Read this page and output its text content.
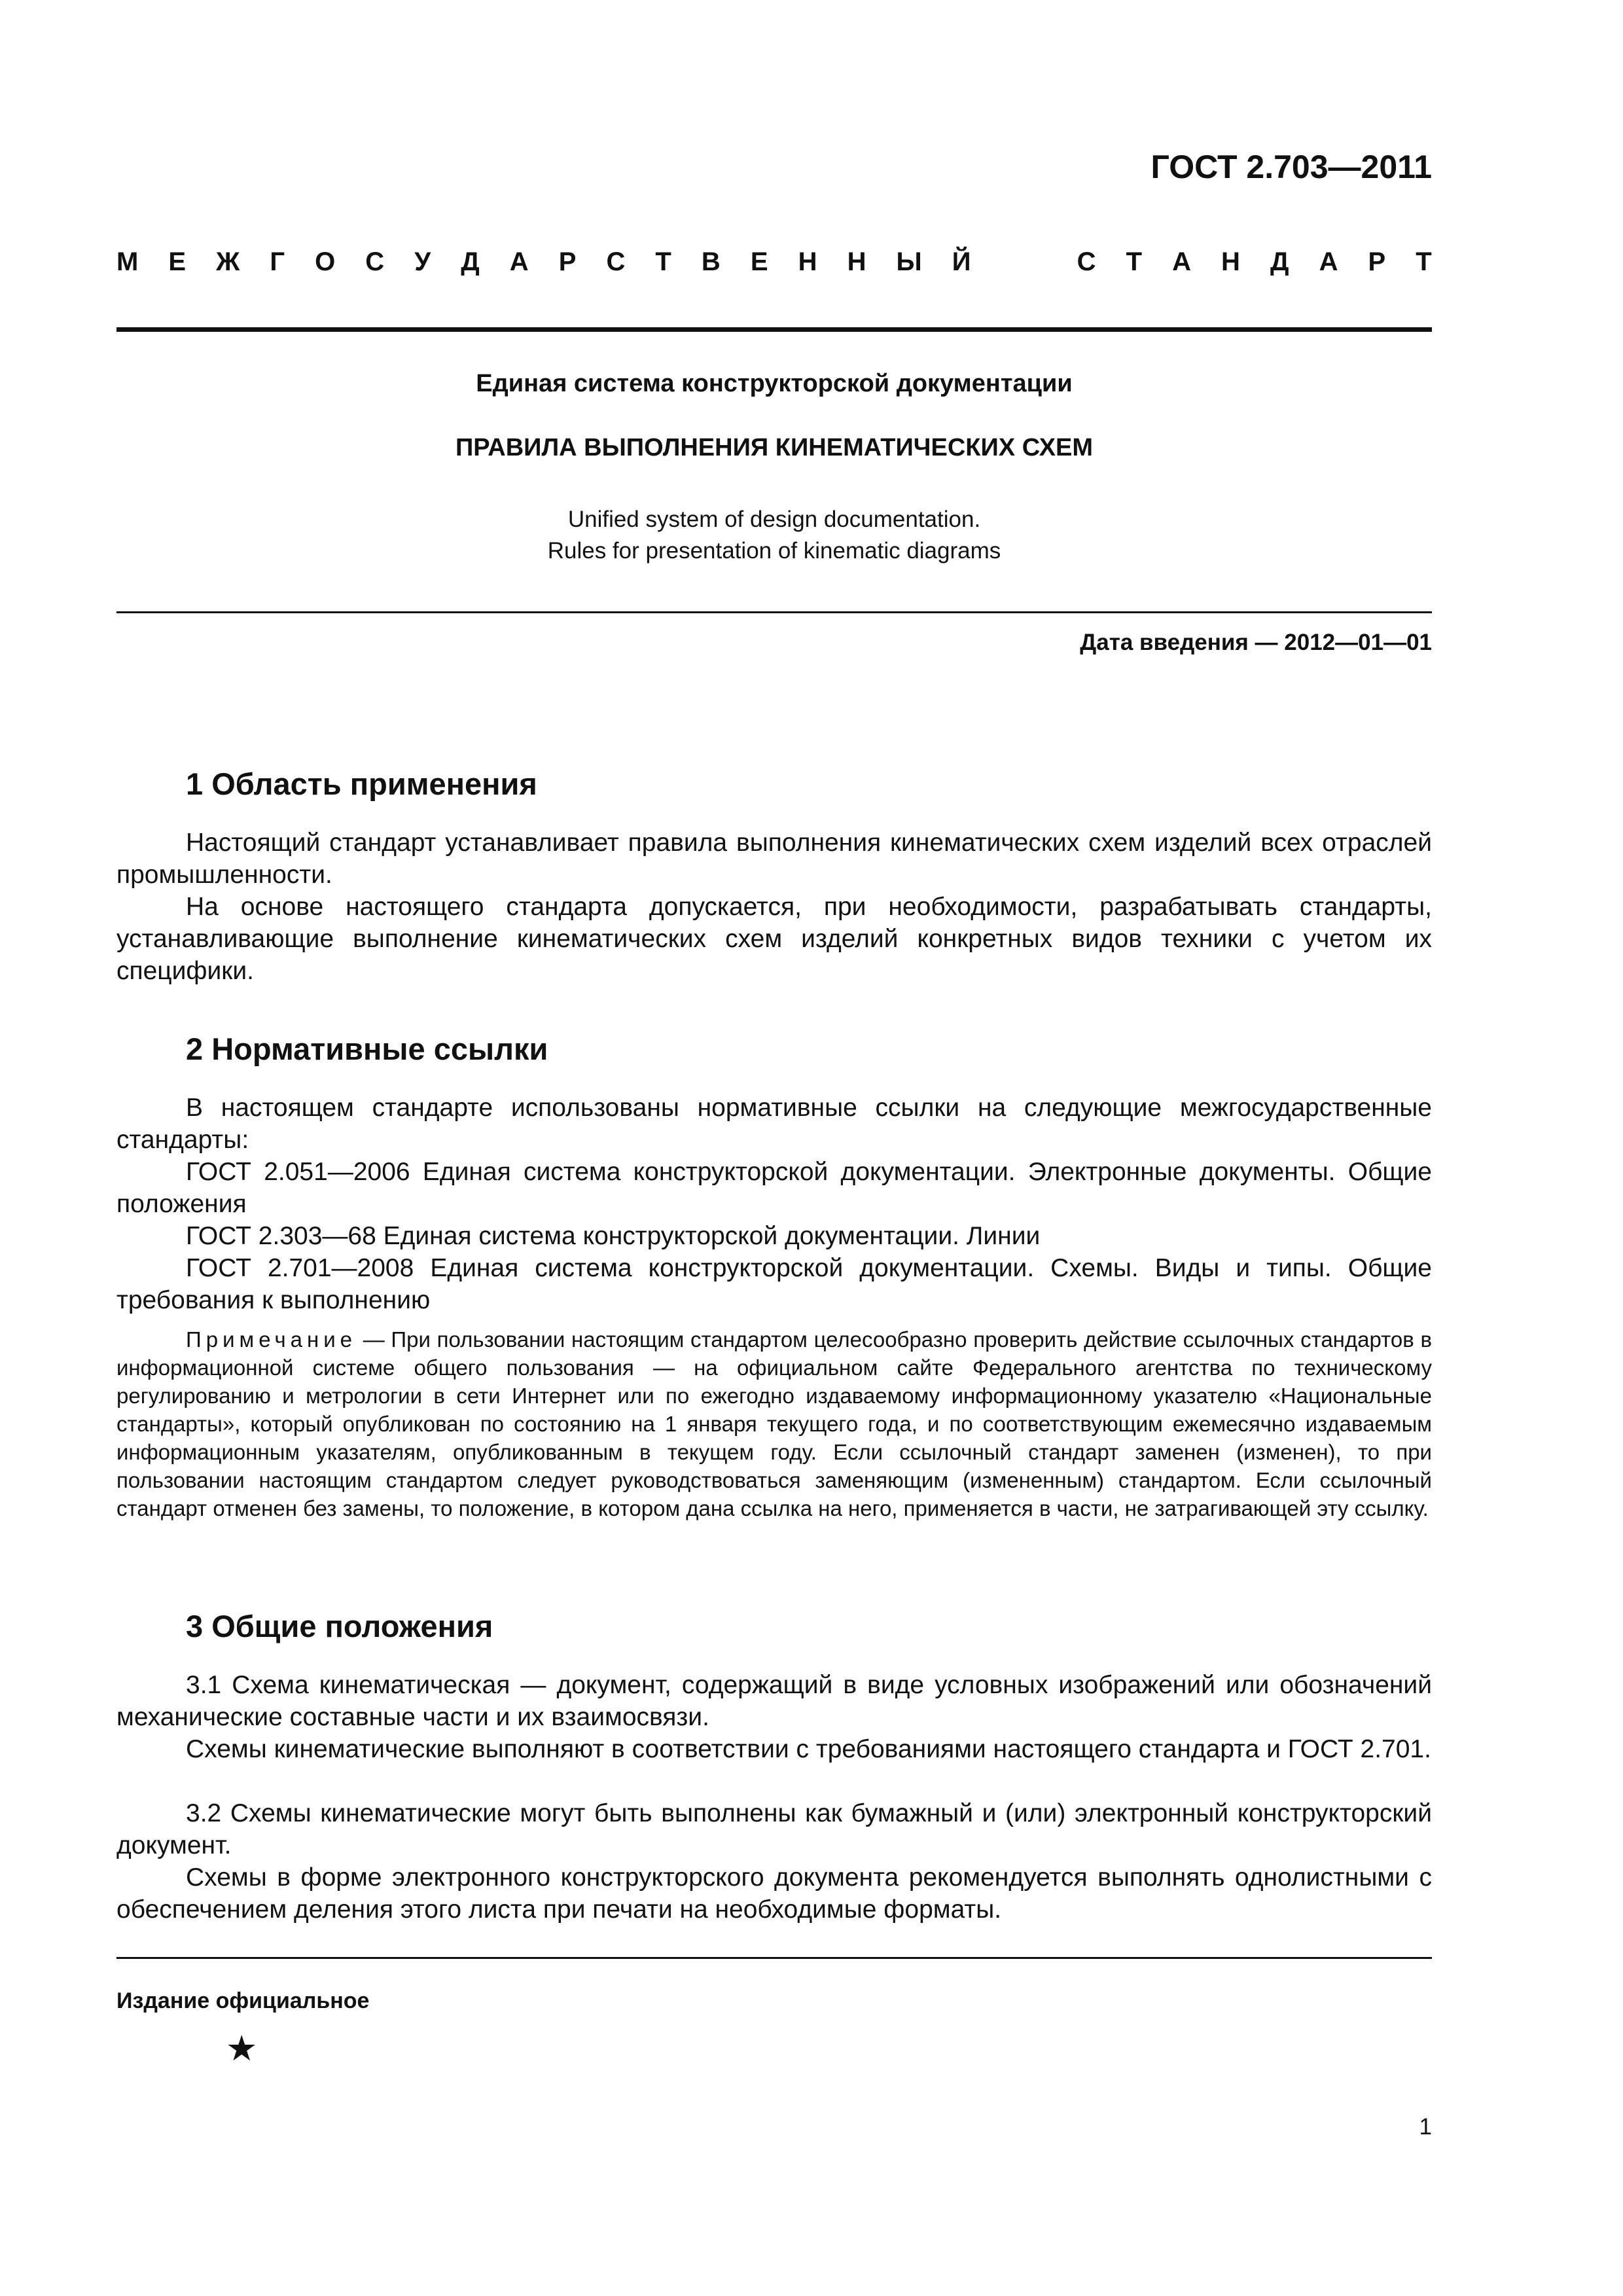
ГОСТ 2.703—2011
М Е Ж Г О С У Д А Р С Т В Е Н Н Ы Й	С Т А Н Д А Р Т
Единая система конструкторской документации
ПРАВИЛА ВЫПОЛНЕНИЯ КИНЕМАТИЧЕСКИХ СХЕМ
Unified system of design documentation.
Rules for presentation of kinematic diagrams
Дата введения — 2012—01—01
1 Область применения
Настоящий стандарт устанавливает правила выполнения кинематических схем изделий всех отраслей промышленности.
На основе настоящего стандарта допускается, при необходимости, разрабатывать стандарты, устанавливающие выполнение кинематических схем изделий конкретных видов техники с учетом их специфики.
2 Нормативные ссылки
В настоящем стандарте использованы нормативные ссылки на следующие межгосударственные стандарты:
ГОСТ 2.051—2006 Единая система конструкторской документации. Электронные документы. Общие положения
ГОСТ 2.303—68 Единая система конструкторской документации. Линии
ГОСТ 2.701—2008 Единая система конструкторской документации. Схемы. Виды и типы. Общие требования к выполнению
Примечание — При пользовании настоящим стандартом целесообразно проверить действие ссылочных стандартов в информационной системе общего пользования — на официальном сайте Федерального агентства по техническому регулированию и метрологии в сети Интернет или по ежегодно издаваемому информационному указателю «Национальные стандарты», который опубликован по состоянию на 1 января текущего года, и по соответствующим ежемесячно издаваемым информационным указателям, опубликованным в текущем году. Если ссылочный стандарт заменен (изменен), то при пользовании настоящим стандартом следует руководствоваться заменяющим (измененным) стандартом. Если ссылочный стандарт отменен без замены, то положение, в котором дана ссылка на него, применяется в части, не затрагивающей эту ссылку.
3 Общие положения
3.1 Схема кинематическая — документ, содержащий в виде условных изображений или обозначений механические составные части и их взаимосвязи.
Схемы кинематические выполняют в соответствии с требованиями настоящего стандарта и ГОСТ 2.701.
3.2 Схемы кинематические могут быть выполнены как бумажный и (или) электронный конструкторский документ.
Схемы в форме электронного конструкторского документа рекомендуется выполнять однолистными с обеспечением деления этого листа при печати на необходимые форматы.
Издание официальное
★
1
